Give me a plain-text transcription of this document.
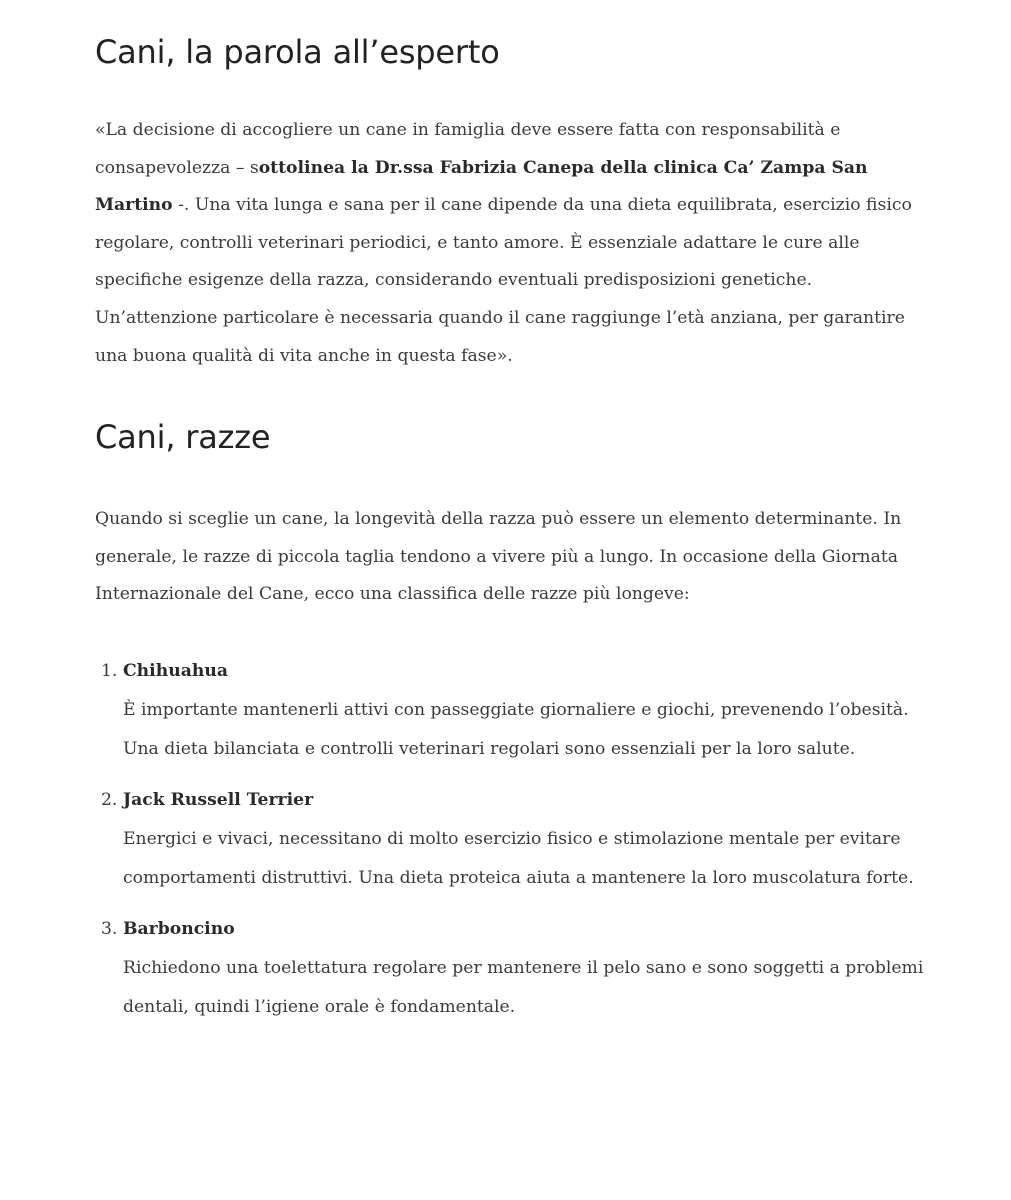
Cani, la parola all’esperto

«La decisione di accogliere un cane in famiglia deve essere fatta con responsabilità e consapevolezza – sottolinea la Dr.ssa Fabrizia Canepa della clinica Ca’ Zampa San Martino -. Una vita lunga e sana per il cane dipende da una dieta equilibrata, esercizio fisico regolare, controlli veterinari periodici, e tanto amore. È essenziale adattare le cure alle specifiche esigenze della razza, considerando eventuali predisposizioni genetiche. Un’attenzione particolare è necessaria quando il cane raggiunge l’età anziana, per garantire una buona qualità di vita anche in questa fase».

Cani, razze

Quando si sceglie un cane, la longevità della razza può essere un elemento determinante. In generale, le razze di piccola taglia tendono a vivere più a lungo. In occasione della Giornata Internazionale del Cane, ecco una classifica delle razze più longeve:

1. Chihuahua

È importante mantenerli attivi con passeggiate giornaliere e giochi, prevenendo l’obesità. Una dieta bilanciata e controlli veterinari regolari sono essenziali per la loro salute.

2. Jack Russell Terrier

Energici e vivaci, necessitano di molto esercizio fisico e stimolazione mentale per evitare comportamenti distruttivi. Una dieta proteica aiuta a mantenere la loro muscolatura forte.

3. Barboncino

Richiedono una toelettatura regolare per mantenere il pelo sano e sono soggetti a problemi dentali, quindi l’igiene orale è fondamentale.
